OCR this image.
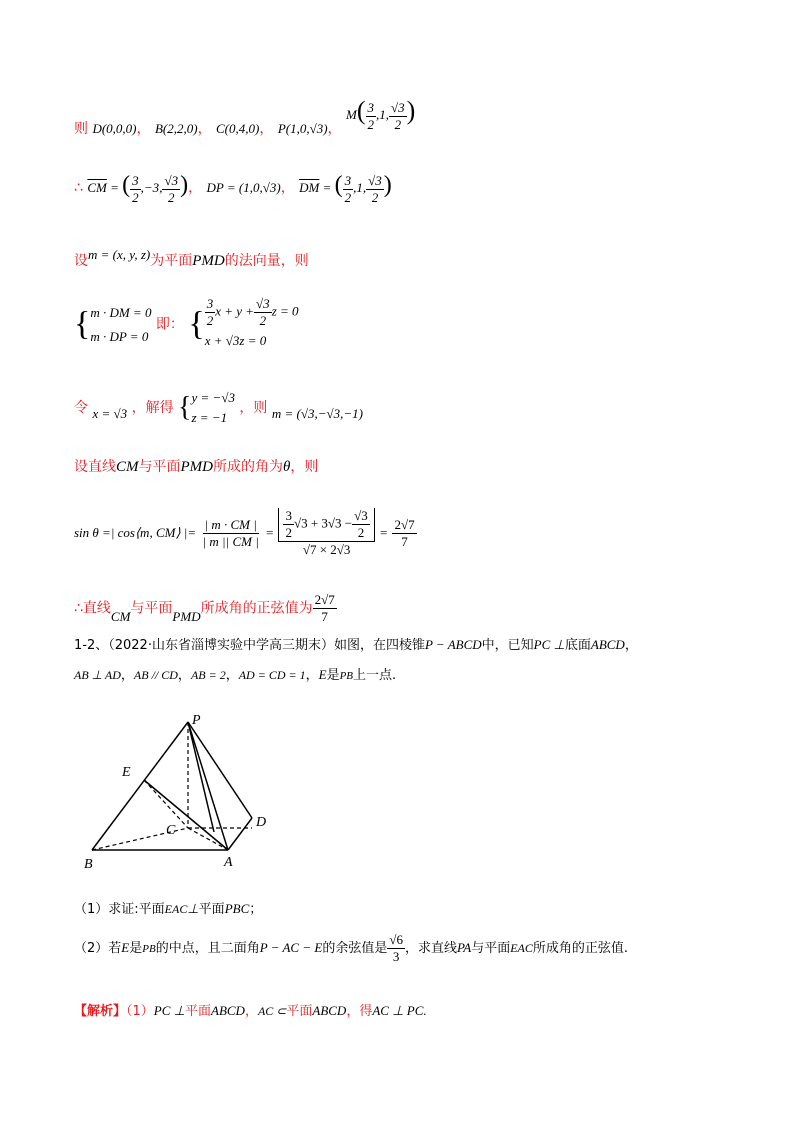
则 D(0,0,0)， B(2,2,0)， C(0,4,0)， P(1,0,√3)， $M( \frac{3}{2} ,1$, $\frac{√3}{2}$ )
∴ $\overline{CM}$ = ( $\frac{3}{2} ,-3$, $\frac{√3}{2}$ )， DP = (1,0,√3)， $\overline{DM}$ = ( $\frac{3}{2} ,1$, $\frac{√3}{2}$ )
设m = (x, y, z)为平面PMD的法向量，则
{ m · DM = 0
m · DP = 0
即： { $\frac{3}{2}$ $x + y + \frac{√3}{2}$ z = 0
x + √3z = 0
令 x = √3 ，解得 { y = −√3
z = −1
，则 m = (√3,−√3,−1)
设直线CM与平面PMD所成的角为θ，则
sin θ =| cos⟨m, CM⟩ |= $\frac{| m \cdot CM |}{| m || CM |} = \frac{\frac{3}{2} √3 + 3√3 - \frac{√3}{2}}{√7 \times 2√3} = \frac{2√7}{7}$
∴直线CM与平面PMD所成角的正弦值为 $\frac{2√7}{7}$
1-2、（2022·山东省淄博实验中学高三期末）如图，在四棱锥P − ABCD中，已知PC ⊥底面ABCD，
AB ⊥ AD，AB // CD，AB = 2，AD = CD = 1，E是PB上一点.
P
E
C
D
B	A
（1）求证:平面EAC⊥平面PBC；
（2）若E是PB的中点，且二面角P − AC − E的余弦值是 $\frac{√6}{3}$ ，求直线PA与平面EAC所成角的正弦值.
【解析】（1）PC ⊥平面ABCD，AC ⊂平面ABCD，得AC ⊥ PC.
